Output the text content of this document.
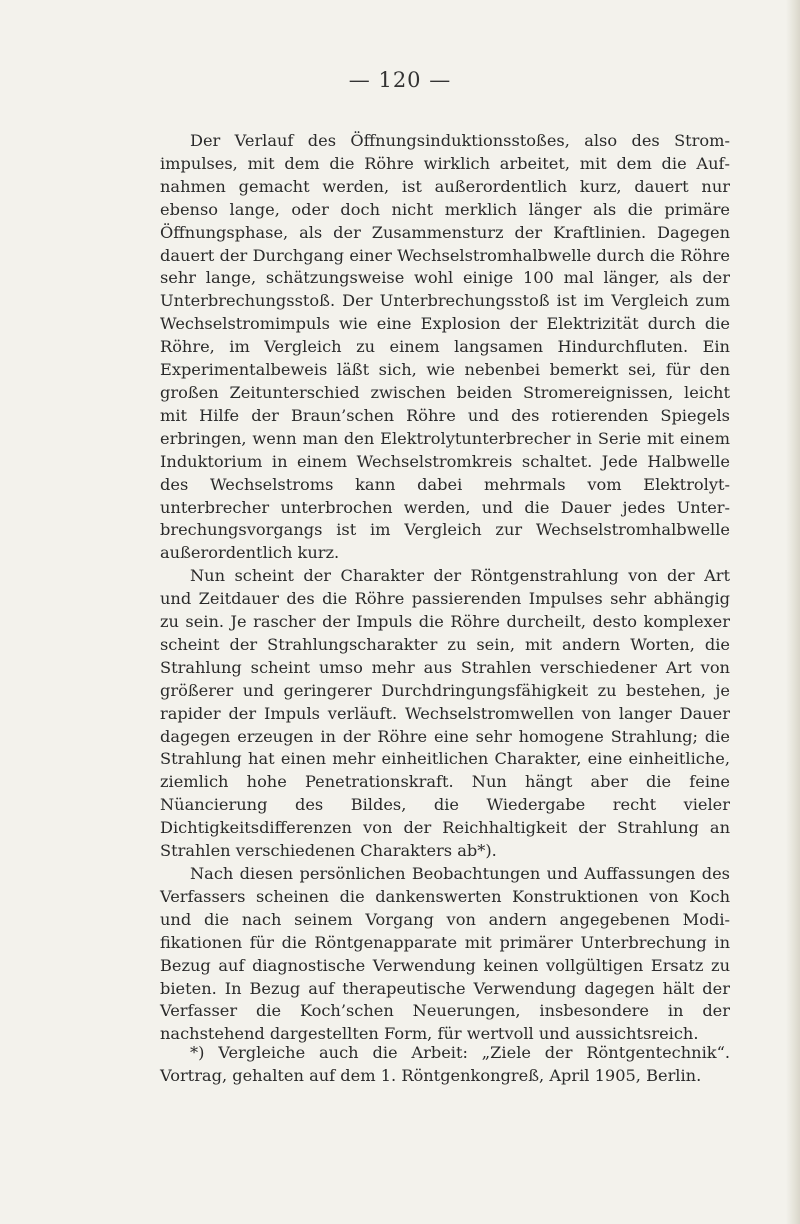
— 120 —

Der Verlauf des Öffnungsinduktionsstoßes, also des Stromimpulses, mit dem die Röhre wirklich arbeitet, mit dem die Aufnahmen gemacht werden, ist außerordentlich kurz, dauert nur ebenso lange, oder doch nicht merklich länger als die primäre Öffnungsphase, als der Zusammensturz der Kraftlinien. Dagegen dauert der Durchgang einer Wechselstromhalbwelle durch die Röhre sehr lange, schätzungsweise wohl einige 100 mal länger, als der Unterbrechungsstoß. Der Unterbrechungsstoß ist im Vergleich zum Wechselstromimpuls wie eine Explosion der Elektrizität durch die Röhre, im Vergleich zu einem langsamen Hindurchfluten. Ein Experimentalbeweis läßt sich, wie nebenbei bemerkt sei, für den großen Zeitunterschied zwischen beiden Stromereignissen, leicht mit Hilfe der Braun’schen Röhre und des rotierenden Spiegels erbringen, wenn man den Elektrolytunterbrecher in Serie mit einem Induktorium in einem Wechselstromkreis schaltet. Jede Halbwelle des Wechselstroms kann dabei mehrmals vom Elektrolytunterbrecher unterbrochen werden, und die Dauer jedes Unterbrechungsvorgangs ist im Vergleich zur Wechselstromhalbwelle außerordentlich kurz.

Nun scheint der Charakter der Röntgenstrahlung von der Art und Zeitdauer des die Röhre passierenden Impulses sehr abhängig zu sein. Je rascher der Impuls die Röhre durcheilt, desto komplexer scheint der Strahlungscharakter zu sein, mit andern Worten, die Strahlung scheint umso mehr aus Strahlen verschiedener Art von größerer und geringerer Durchdringungsfähigkeit zu bestehen, je rapider der Impuls verläuft. Wechselstromwellen von langer Dauer dagegen erzeugen in der Röhre eine sehr homogene Strahlung; die Strahlung hat einen mehr einheitlichen Charakter, eine einheitliche, ziemlich hohe Penetrationskraft. Nun hängt aber die feine Nüancierung des Bildes, die Wiedergabe recht vieler Dichtigkeitsdifferenzen von der Reichhaltigkeit der Strahlung an Strahlen verschiedenen Charakters ab*).

Nach diesen persönlichen Beobachtungen und Auffassungen des Verfassers scheinen die dankenswerten Konstruktionen von Koch und die nach seinem Vorgang von andern angegebenen Modifikationen für die Röntgenapparate mit primärer Unterbrechung in Bezug auf diagnostische Verwendung keinen vollgültigen Ersatz zu bieten. In Bezug auf therapeutische Verwendung dagegen hält der Verfasser die Koch’schen Neuerungen, insbesondere in der nachstehend dargestellten Form, für wertvoll und aussichtsreich.

*) Vergleiche auch die Arbeit: „Ziele der Röntgentechnik“. Vortrag, gehalten auf dem 1. Röntgenkongreß, April 1905, Berlin.
